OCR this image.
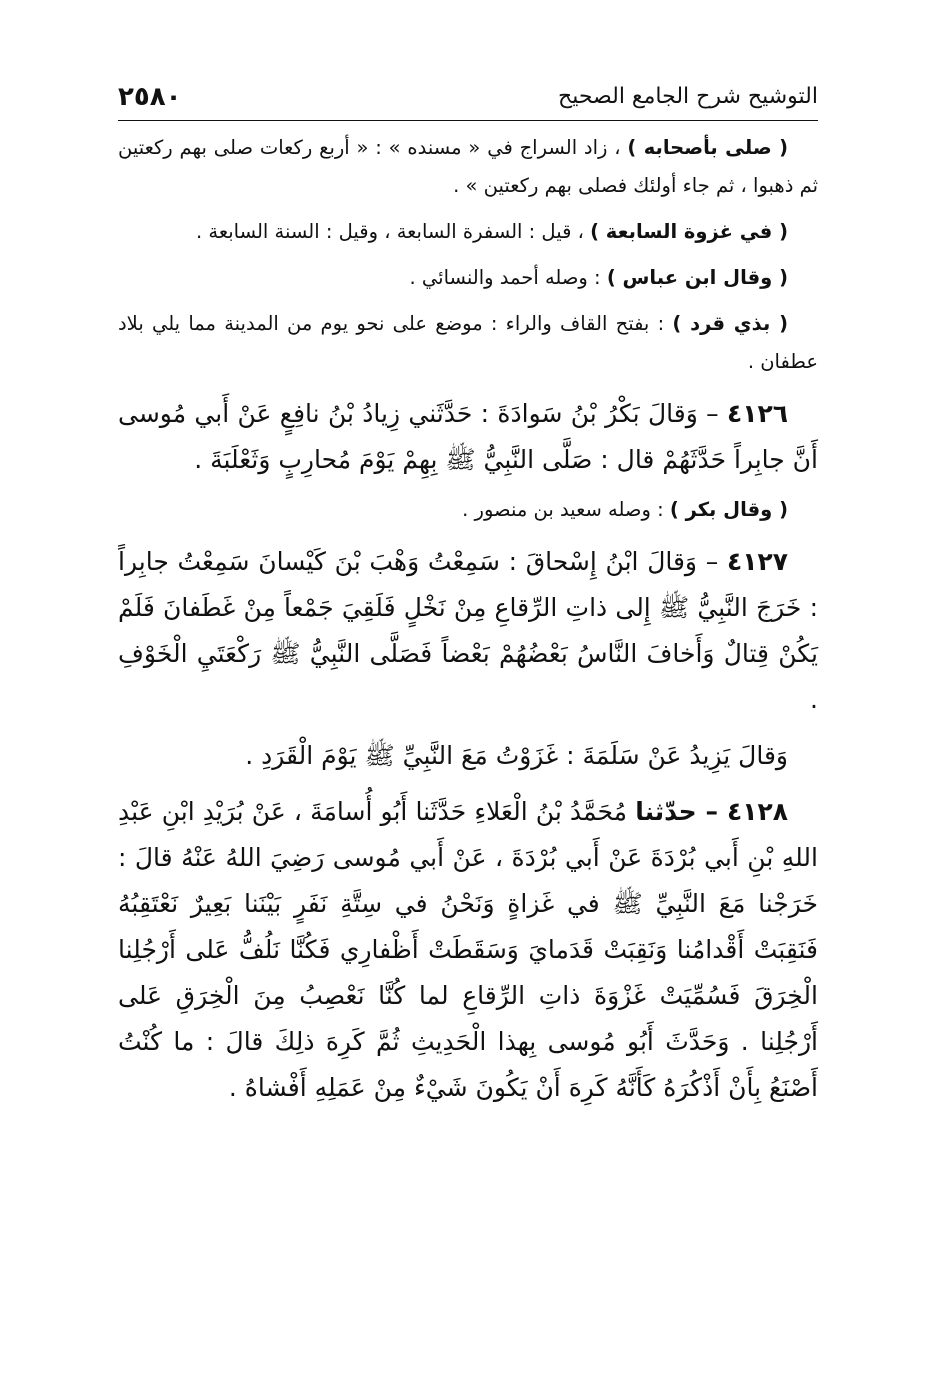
التوشيح شرح الجامع الصحيح
٢٥٨٠

( صلى بأصحابه ) ، زاد السراج في « مسنده » : « أربع ركعات صلى بهم ركعتين ثم ذهبوا ، ثم جاء أولئك فصلى بهم ركعتين » .

( في غزوة السابعة ) ، قيل : السفرة السابعة ، وقيل : السنة السابعة .

( وقال ابن عباس ) : وصله أحمد والنسائي .

( بذي قرد ) : بفتح القاف والراء : موضع على نحو يوم من المدينة مما يلي بلاد عطفان .

٤١٢٦ – وَقالَ بَكْرُ بْنُ سَوادَةَ : حَدَّثَني زِيادُ بْنُ نافِعٍ عَنْ أَبي مُوسى أَنَّ جابِراً حَدَّثَهُمْ قال : صَلَّى النَّبِيُّ ﷺ بِهِمْ يَوْمَ مُحارِبٍ وَثَعْلَبَةَ .

( وقال بكر ) : وصله سعيد بن منصور .

٤١٢٧ – وَقالَ ابْنُ إِسْحاقَ : سَمِعْتُ وَهْبَ بْنَ كَيْسانَ سَمِعْتُ جابِراً : خَرَجَ النَّبِيُّ ﷺ إِلى ذاتِ الرِّقاعِ مِنْ نَخْلٍ فَلَقِيَ جَمْعاً مِنْ غَطَفانَ فَلَمْ يَكُنْ قِتالٌ وَأَخافَ النَّاسُ بَعْضُهُمْ بَعْضاً فَصَلَّى النَّبِيُّ ﷺ رَكْعَتَيِ الْخَوْفِ .

وَقالَ يَزِيدُ عَنْ سَلَمَةَ : غَزَوْتُ مَعَ النَّبِيِّ ﷺ يَوْمَ الْقَرَدِ .

٤١٢٨ – حدّثنا مُحَمَّدُ بْنُ الْعَلاءِ حَدَّثَنا أَبُو أُسامَةَ ، عَنْ بُرَيْدِ ابْنِ عَبْدِ اللهِ بْنِ أَبي بُرْدَةَ عَنْ أَبي بُرْدَةَ ، عَنْ أَبي مُوسى رَضِيَ اللهُ عَنْهُ قالَ : خَرَجْنا مَعَ النَّبِيِّ ﷺ في غَزاةٍ وَنَحْنُ في سِتَّةِ نَفَرٍ بَيْنَنا بَعِيرٌ نَعْتَقِبُهُ فَنَقِبَتْ أَقْدامُنا وَنَقِبَتْ قَدَمايَ وَسَقَطَتْ أَظْفارِي فَكُنَّا نَلُفُّ عَلى أَرْجُلِنا الْخِرَقَ فَسُمِّيَتْ غَزْوَةَ ذاتِ الرِّقاعِ لما كُنَّا نَعْصِبُ مِنَ الْخِرَقِ عَلى أَرْجُلِنا . وَحَدَّثَ أَبُو مُوسى بِهذا الْحَدِيثِ ثُمَّ كَرِهَ ذلِكَ قالَ : ما كُنْتُ أَصْنَعُ بِأَنْ أَذْكُرَهُ كَأَنَّهُ كَرِهَ أَنْ يَكُونَ شَيْءٌ مِنْ عَمَلِهِ أَفْشاهُ .
